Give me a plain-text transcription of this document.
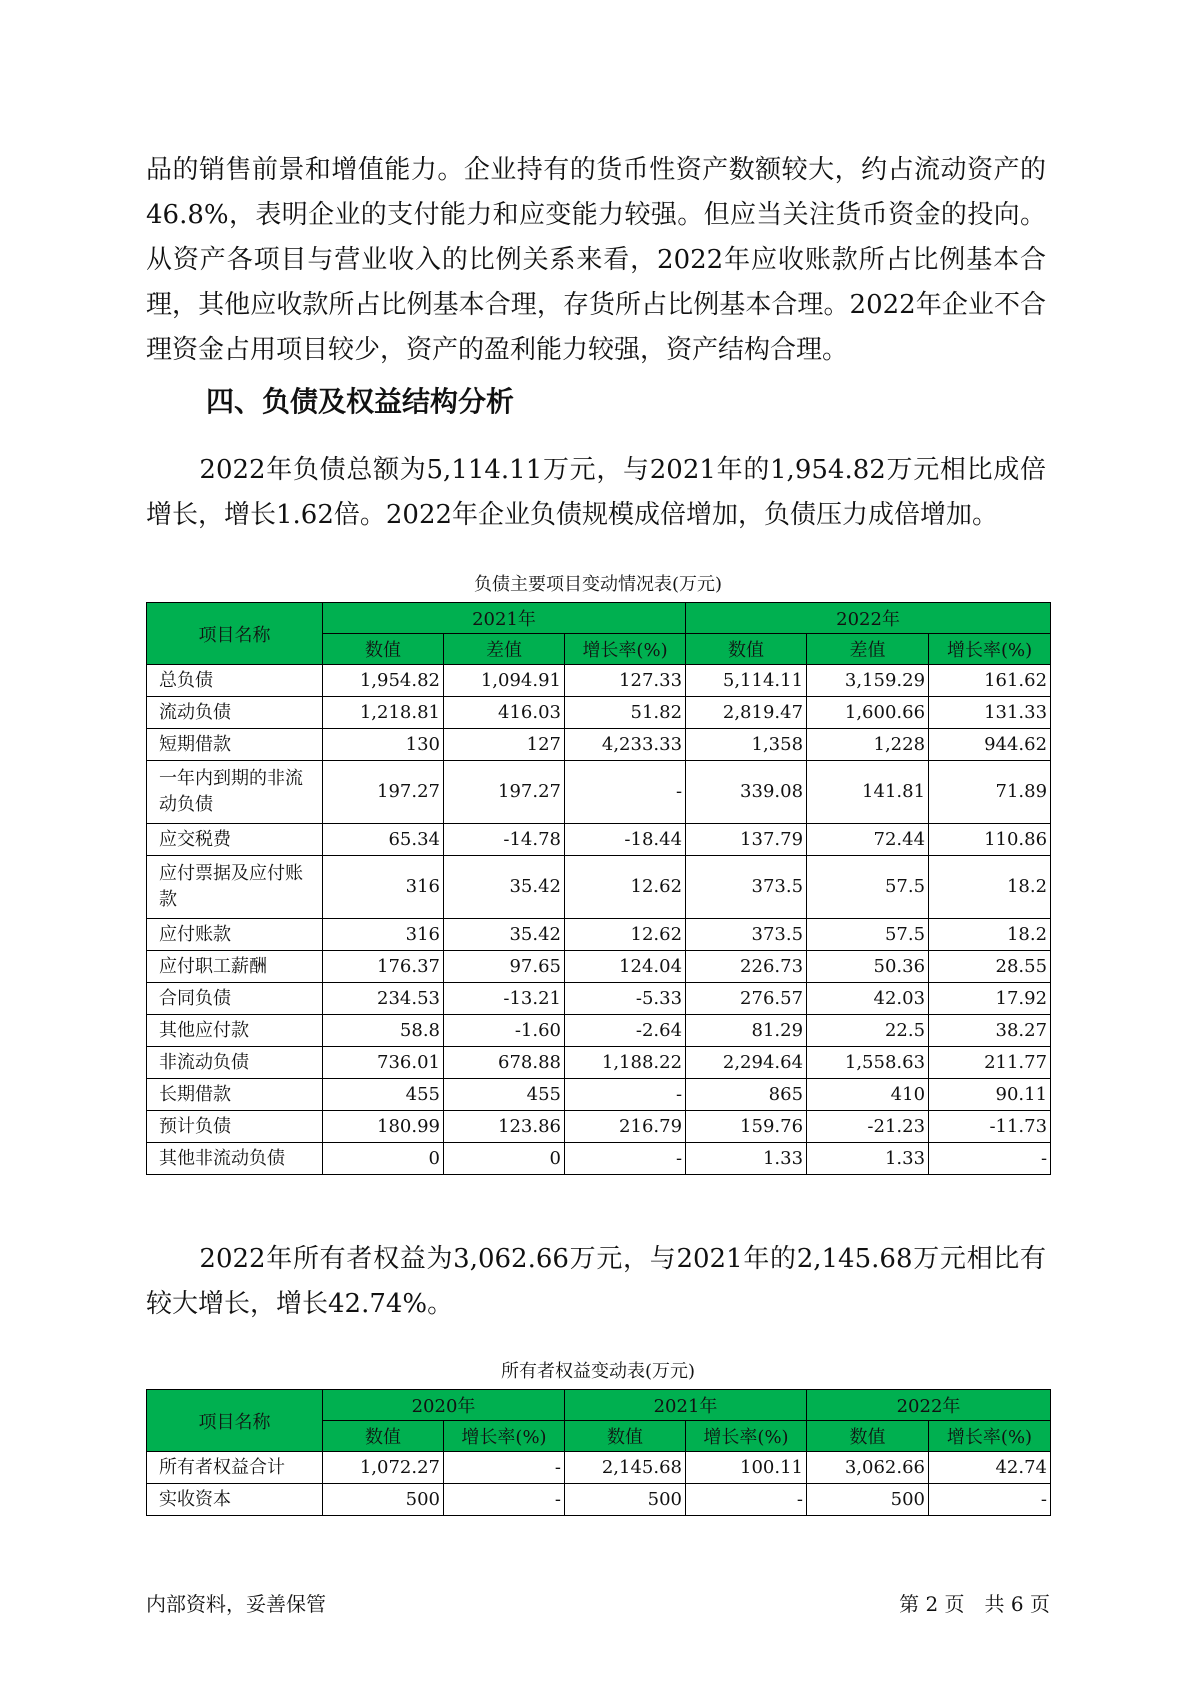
品的销售前景和增值能力。企业持有的货币性资产数额较大，约占流动资产的46.8%，表明企业的支付能力和应变能力较强。但应当关注货币资金的投向。从资产各项目与营业收入的比例关系来看，2022年应收账款所占比例基本合理，其他应收款所占比例基本合理，存货所占比例基本合理。2022年企业不合理资金占用项目较少，资产的盈利能力较强，资产结构合理。

四、负债及权益结构分析

　　2022年负债总额为5,114.11万元，与2021年的1,954.82万元相比成倍增长，增长1.62倍。2022年企业负债规模成倍增加，负债压力成倍增加。

负债主要项目变动情况表(万元)
项目名称	2021年			2022年		
	数值	差值	增长率(%)	数值	差值	增长率(%)
总负债	1,954.82	1,094.91	127.33	5,114.11	3,159.29	161.62
流动负债	1,218.81	416.03	51.82	2,819.47	1,600.66	131.33
短期借款	130	127	4,233.33	1,358	1,228	944.62
一年内到期的非流动负债	197.27	197.27	-	339.08	141.81	71.89
应交税费	65.34	-14.78	-18.44	137.79	72.44	110.86
应付票据及应付账款	316	35.42	12.62	373.5	57.5	18.2
应付账款	316	35.42	12.62	373.5	57.5	18.2
应付职工薪酬	176.37	97.65	124.04	226.73	50.36	28.55
合同负债	234.53	-13.21	-5.33	276.57	42.03	17.92
其他应付款	58.8	-1.60	-2.64	81.29	22.5	38.27
非流动负债	736.01	678.88	1,188.22	2,294.64	1,558.63	211.77
长期借款	455	455	-	865	410	90.11
预计负债	180.99	123.86	216.79	159.76	-21.23	-11.73
其他非流动负债	0	0	-	1.33	1.33	-

　　2022年所有者权益为3,062.66万元，与2021年的2,145.68万元相比有较大增长，增长42.74%。

所有者权益变动表(万元)
项目名称	2020年		2021年		2022年	
	数值	增长率(%)	数值	增长率(%)	数值	增长率(%)
所有者权益合计	1,072.27	-	2,145.68	100.11	3,062.66	42.74
实收资本	500	-	500	-	500	-
内部资料，妥善保管	第 2 页　共 6 页
